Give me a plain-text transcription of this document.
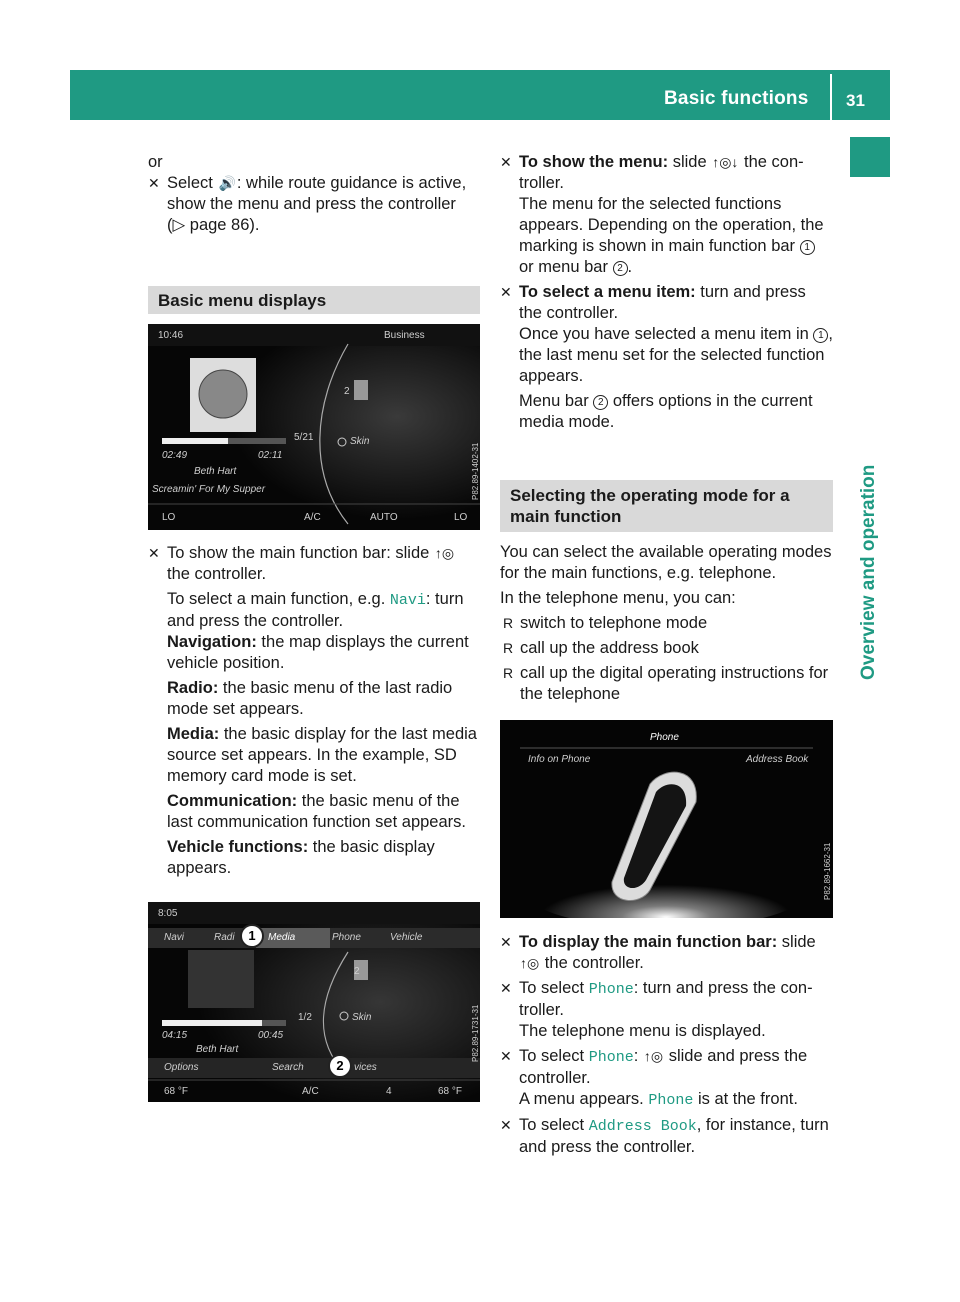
Basic functions 31
Overview and operation

or

✕ Select 🔊: while route guidance is active, show the menu and press the controller
(▷ page 86).
Basic menu displays
10:46	Business
2
5/21	Skin
02:49	02:11
Beth Hart
Screamin' For My Supper
LO	A/C	AUTO	LO
P82.89-1402-31
✕ To show the main function bar: slide ↑◎
the controller.
To select a main function, e.g. Navi: turn and press the controller.
Navigation: the map displays the current vehicle position.
Radio: the basic menu of the last radio mode set appears.
Media: the basic display for the last media source set appears. In the example, SD memory card mode is set.
Communication: the basic menu of the last communication function set appears.
Vehicle functions: the basic display appears.
8:05
Navi	Radi	Media	Phone	Vehicle
2
1/2	Skin
04:15	00:45
Beth Hart
Options	Search	vices
68 °F	A/C	4	68 °F
P82.89-1731-31
1
2
✕ To show the menu: slide ↑◎↓ the con-troller.
The menu for the selected functions appears. Depending on the operation, the marking is shown in main function bar 1 or menu bar 2 .
✕ To select a menu item: turn and press the controller.
Once you have selected a menu item in 1 , the last menu set for the selected function appears.
Menu bar 2 offers options in the current media mode.
Selecting the operating mode for a main function

You can select the available operating modes for the main functions, e.g. telephone.

In the telephone menu, you can:

R switch to telephone mode
R call up the address book
R call up the digital operating instructions for the telephone
Phone
Info on Phone	Address Book
P82.89-1662-31
✕ To display the main function bar: slide
↑◎ the controller.
✕ To select Phone: turn and press the con-troller.
The telephone menu is displayed.
✕ To select Phone: ↑◎ slide and press the controller.
A menu appears. Phone is at the front.
✕ To select Address Book, for instance, turn and press the controller.
